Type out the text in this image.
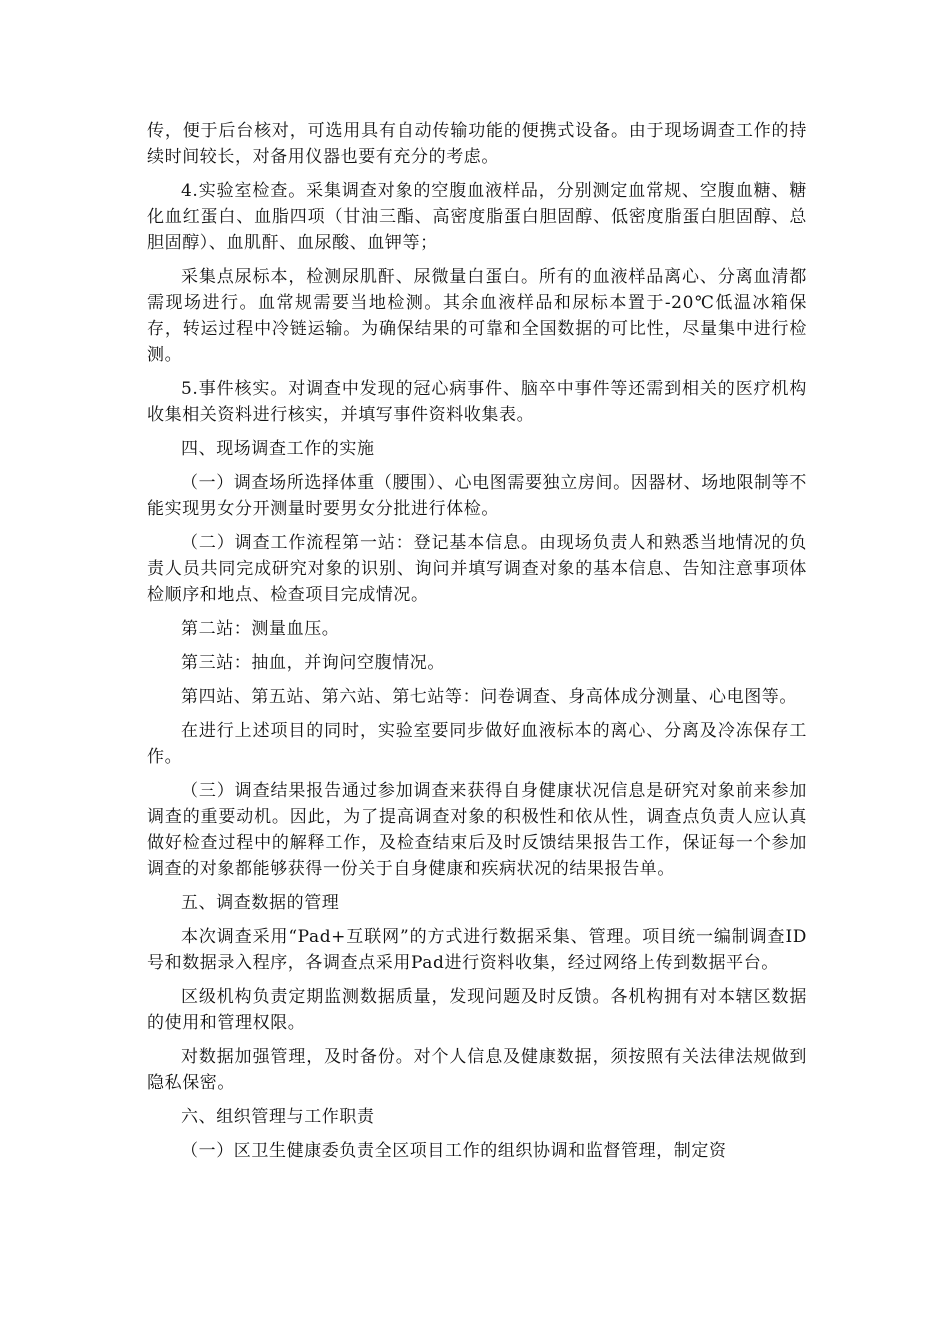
传，便于后台核对，可选用具有自动传输功能的便携式设备。由于现场调查工作的持续时间较长，对备用仪器也要有充分的考虑。

4.实验室检查。采集调查对象的空腹血液样品，分别测定血常规、空腹血糖、糖化血红蛋白、血脂四项（甘油三酯、高密度脂蛋白胆固醇、低密度脂蛋白胆固醇、总胆固醇）、血肌酐、血尿酸、血钾等；

采集点尿标本，检测尿肌酐、尿微量白蛋白。所有的血液样品离心、分离血清都需现场进行。血常规需要当地检测。其余血液样品和尿标本置于-20℃低温冰箱保存，转运过程中冷链运输。为确保结果的可靠和全国数据的可比性，尽量集中进行检测。

5.事件核实。对调查中发现的冠心病事件、脑卒中事件等还需到相关的医疗机构收集相关资料进行核实，并填写事件资料收集表。

四、现场调查工作的实施

（一）调查场所选择体重（腰围）、心电图需要独立房间。因器材、场地限制等不能实现男女分开测量时要男女分批进行体检。

（二）调查工作流程第一站：登记基本信息。由现场负责人和熟悉当地情况的负责人员共同完成研究对象的识别、询问并填写调查对象的基本信息、告知注意事项体检顺序和地点、检查项目完成情况。

第二站：测量血压。

第三站：抽血，并询问空腹情况。

第四站、第五站、第六站、第七站等：问卷调查、身高体成分测量、心电图等。

在进行上述项目的同时，实验室要同步做好血液标本的离心、分离及冷冻保存工作。

（三）调查结果报告通过参加调查来获得自身健康状况信息是研究对象前来参加调查的重要动机。因此，为了提高调查对象的积极性和依从性，调查点负责人应认真做好检查过程中的解释工作，及检查结束后及时反馈结果报告工作，保证每一个参加调查的对象都能够获得一份关于自身健康和疾病状况的结果报告单。

五、调查数据的管理

本次调查采用“Pad+互联网”的方式进行数据采集、管理。项目统一编制调查ID号和数据录入程序，各调查点采用Pad进行资料收集，经过网络上传到数据平台。

区级机构负责定期监测数据质量，发现问题及时反馈。各机构拥有对本辖区数据的使用和管理权限。

对数据加强管理，及时备份。对个人信息及健康数据，须按照有关法律法规做到隐私保密。

六、组织管理与工作职责

（一）区卫生健康委负责全区项目工作的组织协调和监督管理，制定资
